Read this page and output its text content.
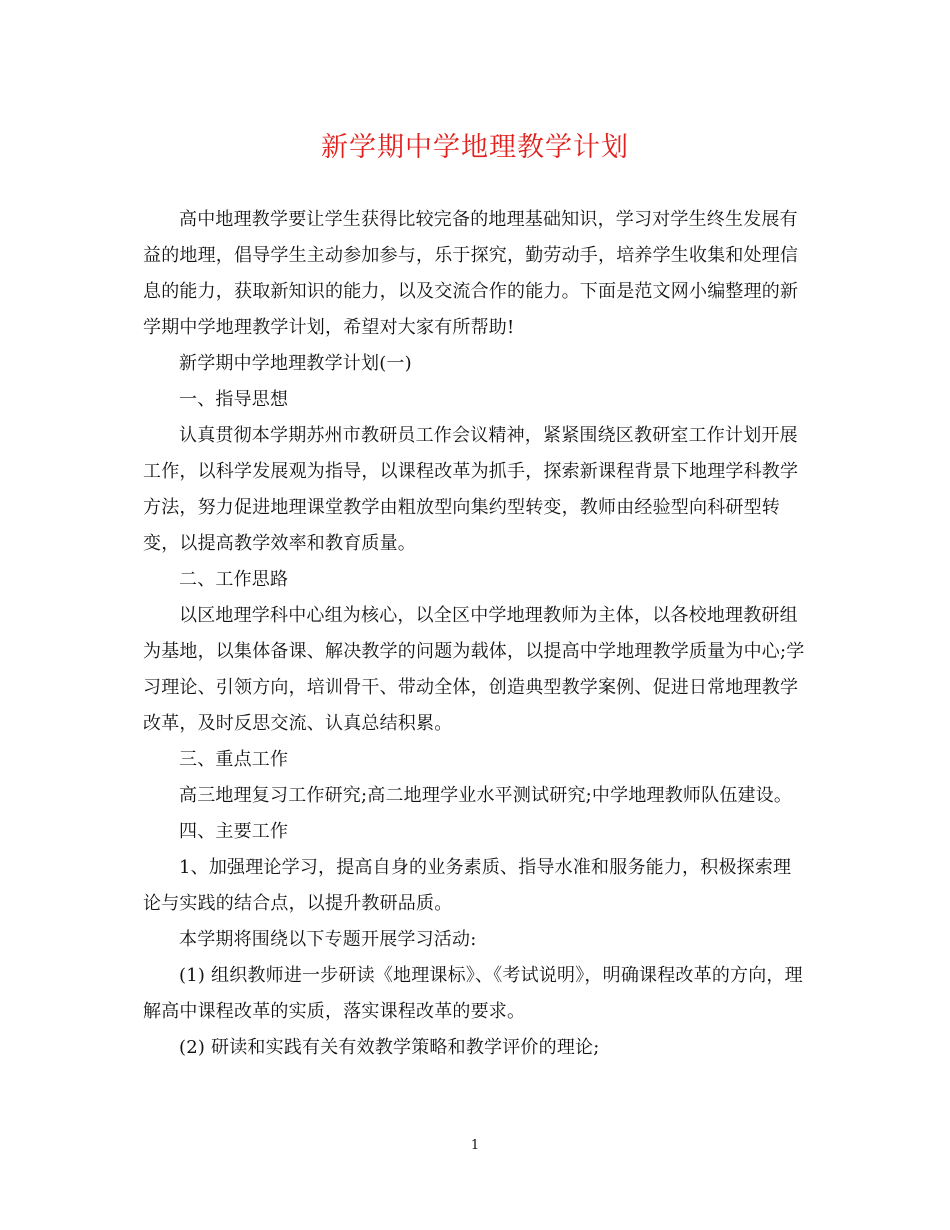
新学期中学地理教学计划

高中地理教学要让学生获得比较完备的地理基础知识，学习对学生终生发展有益的地理，倡导学生主动参加参与，乐于探究，勤劳动手，培养学生收集和处理信息的能力，获取新知识的能力，以及交流合作的能力。下面是范文网小编整理的新学期中学地理教学计划，希望对大家有所帮助!

新学期中学地理教学计划(一)

一、指导思想

认真贯彻本学期苏州市教研员工作会议精神，紧紧围绕区教研室工作计划开展工作，以科学发展观为指导，以课程改革为抓手，探索新课程背景下地理学科教学方法，努力促进地理课堂教学由粗放型向集约型转变，教师由经验型向科研型转变，以提高教学效率和教育质量。

二、工作思路

以区地理学科中心组为核心，以全区中学地理教师为主体，以各校地理教研组为基地，以集体备课、解决教学的问题为载体，以提高中学地理教学质量为中心;学习理论、引领方向，培训骨干、带动全体，创造典型教学案例、促进日常地理教学改革，及时反思交流、认真总结积累。

三、重点工作

高三地理复习工作研究;高二地理学业水平测试研究;中学地理教师队伍建设。

四、主要工作

1、加强理论学习，提高自身的业务素质、指导水准和服务能力，积极探索理论与实践的结合点，以提升教研品质。

本学期将围绕以下专题开展学习活动:

(1) 组织教师进一步研读《地理课标》、《考试说明》，明确课程改革的方向，理解高中课程改革的实质，落实课程改革的要求。

(2) 研读和实践有关有效教学策略和教学评价的理论;

1
